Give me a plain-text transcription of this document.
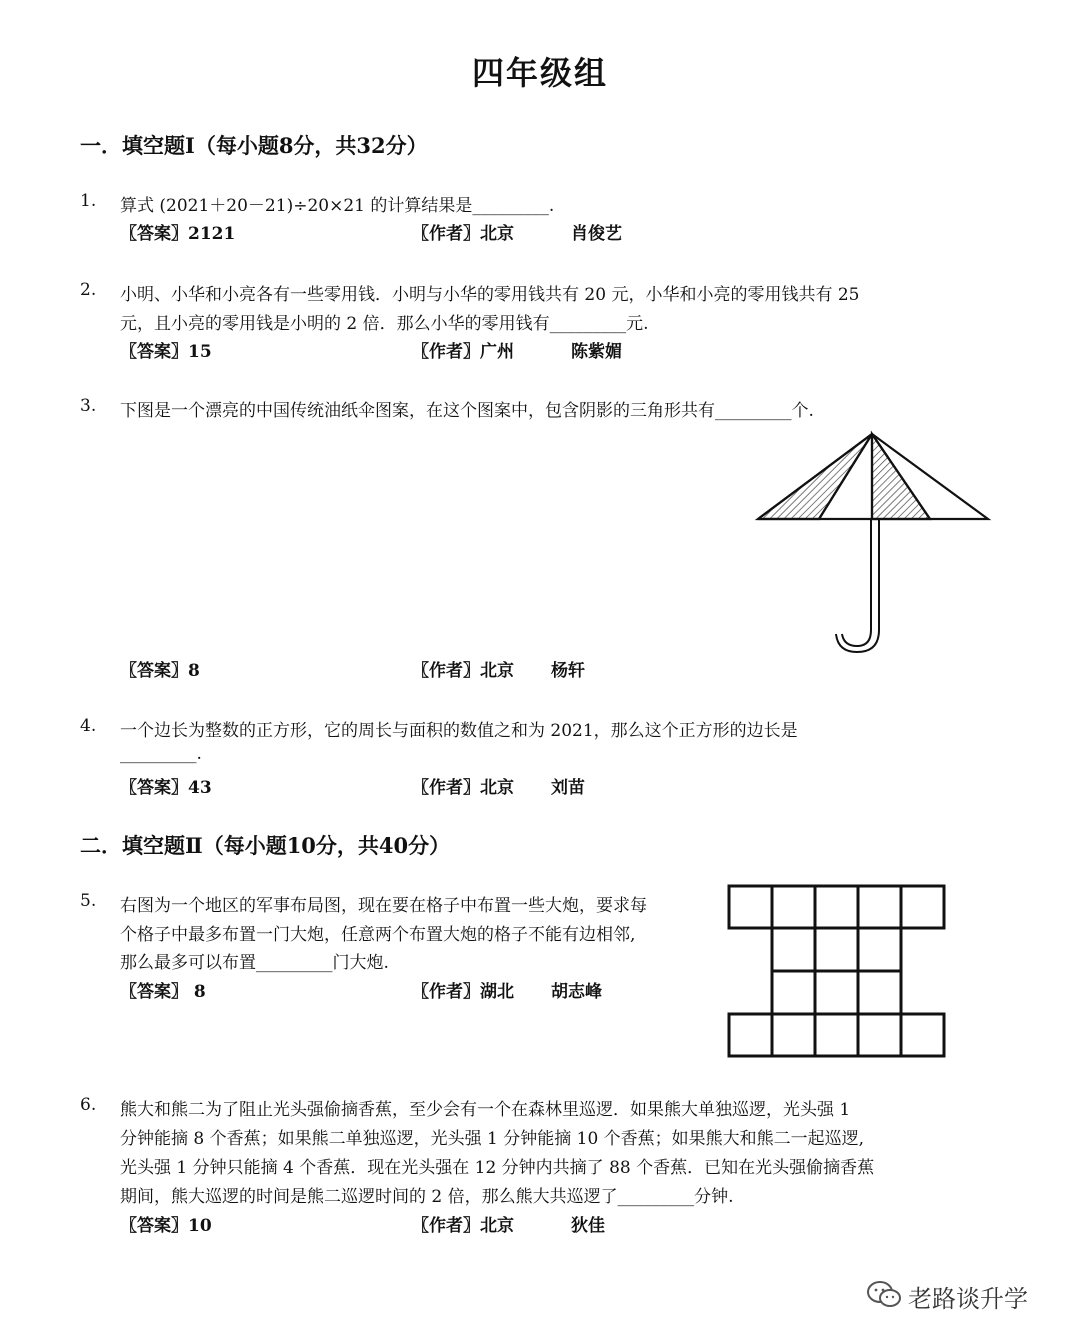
四年级组
一．填空题Ⅰ（每小题8分，共32分）
1. 算式 (2021＋20－21)÷20×21 的计算结果是_________.
〖答案〗2121	〖作者〗北京	肖俊艺
2. 小明、小华和小亮各有一些零用钱．小明与小华的零用钱共有 20 元，小华和小亮的零用钱共有 25
元，且小亮的零用钱是小明的 2 倍．那么小华的零用钱有_________元.
〖答案〗15	〖作者〗广州	陈紫媚
3. 下图是一个漂亮的中国传统油纸伞图案，在这个图案中，包含阴影的三角形共有_________个.
〖答案〗8	〖作者〗北京 杨轩
4. 一个边长为整数的正方形，它的周长与面积的数值之和为 2021，那么这个正方形的边长是
_________.
〖答案〗43	〖作者〗北京 刘苗
二．填空题Ⅱ（每小题10分，共40分）
5. 右图为一个地区的军事布局图，现在要在格子中布置一些大炮，要求每
个格子中最多布置一门大炮，任意两个布置大炮的格子不能有边相邻,
那么最多可以布置_________门大炮.
〖答案〗 8	〖作者〗湖北 胡志峰
6. 熊大和熊二为了阻止光头强偷摘香蕉，至少会有一个在森林里巡逻．如果熊大单独巡逻，光头强 1
分钟能摘 8 个香蕉；如果熊二单独巡逻，光头强 1 分钟能摘 10 个香蕉；如果熊大和熊二一起巡逻,
光头强 1 分钟只能摘 4 个香蕉．现在光头强在 12 分钟内共摘了 88 个香蕉．已知在光头强偷摘香蕉
期间，熊大巡逻的时间是熊二巡逻时间的 2 倍，那么熊大共巡逻了_________分钟.
〖答案〗10	〖作者〗北京	狄佳
老路谈升学
